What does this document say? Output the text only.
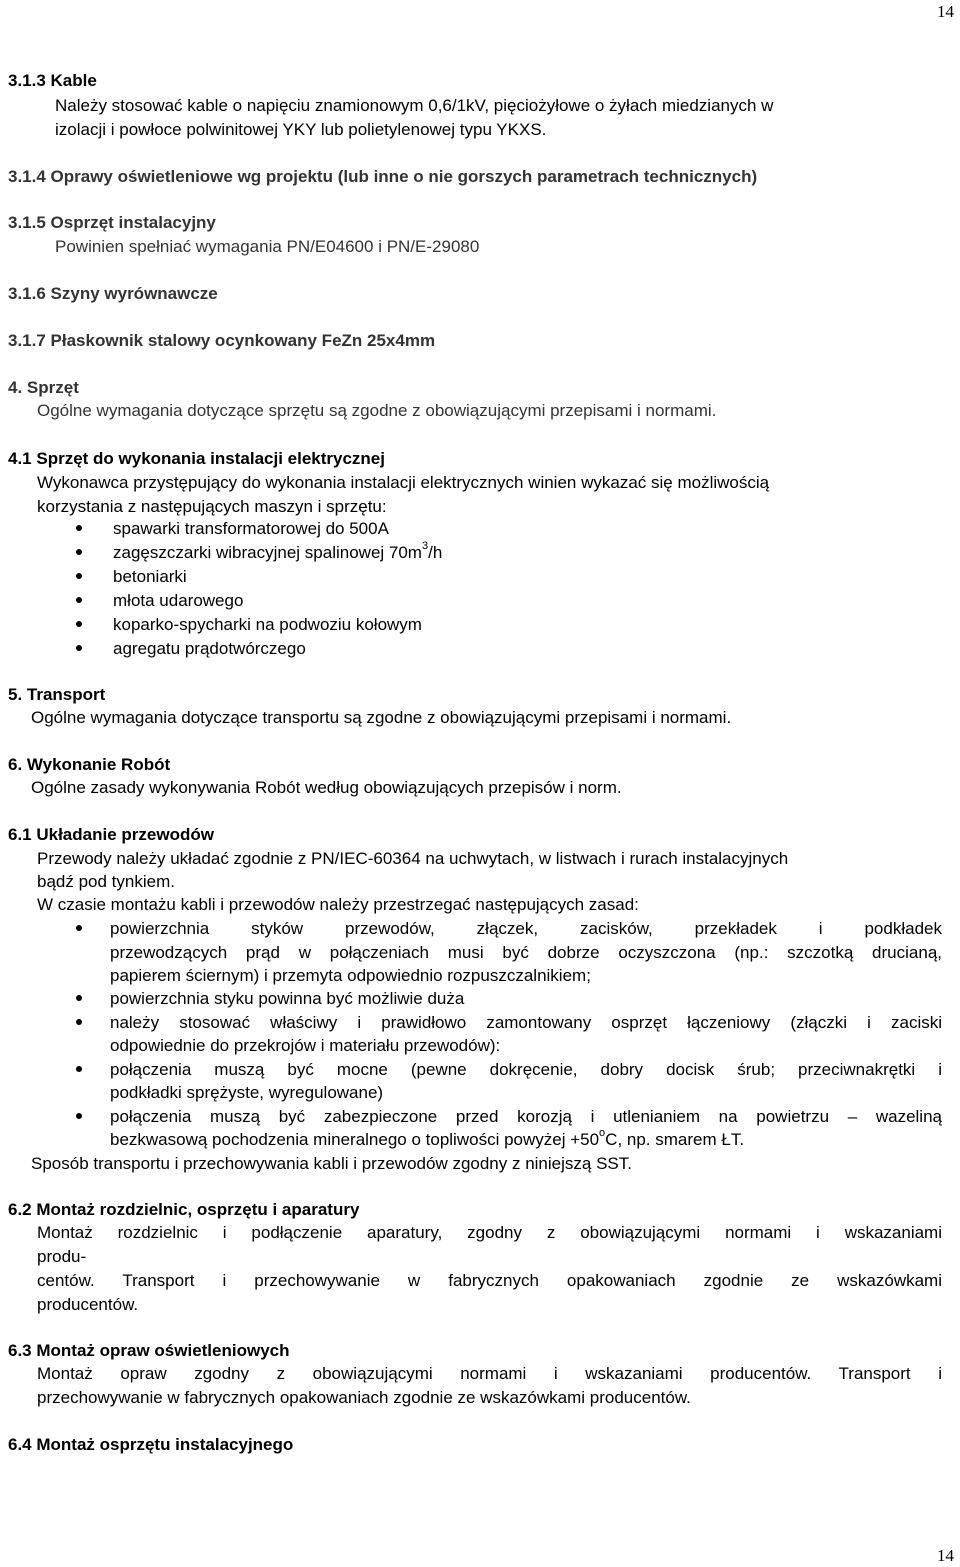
14
3.1.3 Kable
Należy stosować kable o napięciu znamionowym 0,6/1kV, pięciożyłowe o żyłach miedzianych w
izolacji i powłoce polwinitowej YKY lub polietylenowej typu YKXS.
3.1.4 Oprawy oświetleniowe wg projektu (lub inne o nie gorszych parametrach technicznych)
3.1.5 Osprzęt instalacyjny
Powinien spełniać wymagania PN/E04600 i PN/E-29080
3.1.6 Szyny wyrównawcze
3.1.7 Płaskownik stalowy ocynkowany FeZn 25x4mm
4. Sprzęt
Ogólne wymagania dotyczące sprzętu są zgodne z obowiązującymi przepisami i normami.
4.1 Sprzęt do wykonania instalacji elektrycznej
Wykonawca przystępujący do wykonania instalacji elektrycznych winien wykazać się możliwością
korzystania z następujących maszyn i sprzętu:
spawarki transformatorowej do 500A
zagęszczarki wibracyjnej spalinowej $70m^3/h$
betoniarki
młota udarowego
koparko-spycharki na podwoziu kołowym
agregatu prądotwórczego
5. Transport
Ogólne wymagania dotyczące transportu są zgodne z obowiązującymi przepisami i normami.
6. Wykonanie Robót
Ogólne zasady wykonywania Robót według obowiązujących przepisów i norm.
6.1 Układanie przewodów
Przewody należy układać zgodnie z PN/IEC-60364 na uchwytach, w listwach i rurach instalacyjnych
bądź pod tynkiem.
W czasie montażu kabli i przewodów należy przestrzegać następujących zasad:
powierzchnia styków przewodów, złączek, zacisków, przekładek i podkładek
przewodzących prąd w połączeniach musi być dobrze oczyszczona (np.: szczotką drucianą,
papierem ściernym) i przemyta odpowiednio rozpuszczalnikiem;
powierzchnia styku powinna być możliwie duża
należy stosować właściwy i prawidłowo zamontowany osprzęt łączeniowy (złączki i zaciski
odpowiednie do przekrojów i materiału przewodów):
połączenia muszą być mocne (pewne dokręcenie, dobry docisk śrub; przeciwnakrętki i
podkładki sprężyste, wyregulowane)
połączenia muszą być zabezpieczone przed korozją i utlenianiem na powietrzu – wazeliną
bezkwasową pochodzenia mineralnego o topliwości powyżej $+50^oC$, np. smarem ŁT.
Sposób transportu i przechowywania kabli i przewodów zgodny z niniejszą SST.
6.2 Montaż rozdzielnic, osprzętu i aparatury
Montaż rozdzielnic i podłączenie aparatury, zgodny z obowiązującymi normami i wskazaniami
produ-
centów. Transport i przechowywanie w fabrycznych opakowaniach zgodnie ze wskazówkami
producentów.
6.3 Montaż opraw oświetleniowych
Montaż opraw zgodny z obowiązującymi normami i wskazaniami producentów. Transport i
przechowywanie w fabrycznych opakowaniach zgodnie ze wskazówkami producentów.
6.4 Montaż osprzętu instalacyjnego
14
